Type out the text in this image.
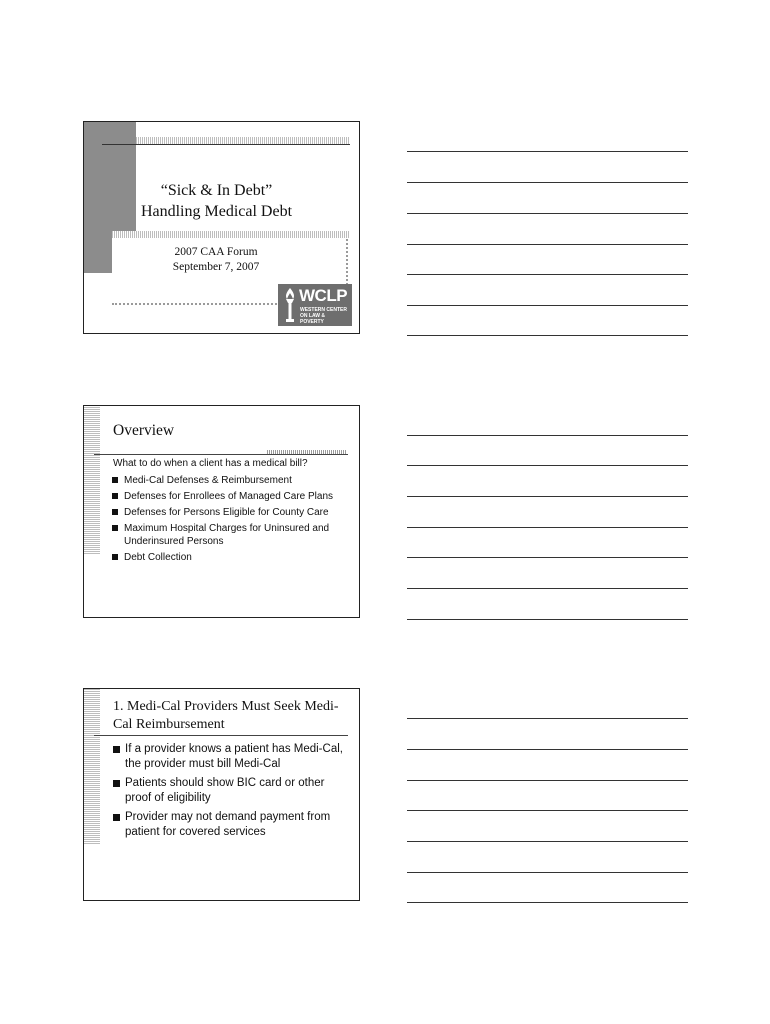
“Sick & In Debt”
Handling Medical Debt
2007 CAA Forum
September 7, 2007
WCLP
WESTERN CENTER
ON LAW & POVERTY
Overview
What to do when a client has a medical bill?
Medi-Cal Defenses & Reimbursement
Defenses for Enrollees of Managed Care Plans
Defenses for Persons Eligible for County Care
Maximum Hospital Charges for Uninsured and Underinsured Persons
Debt Collection
1. Medi-Cal Providers Must Seek Medi-Cal Reimbursement
If a provider knows a patient has Medi-Cal, the provider must bill Medi-Cal
Patients should show BIC card or other proof of eligibility
Provider may not demand payment from patient for covered services
